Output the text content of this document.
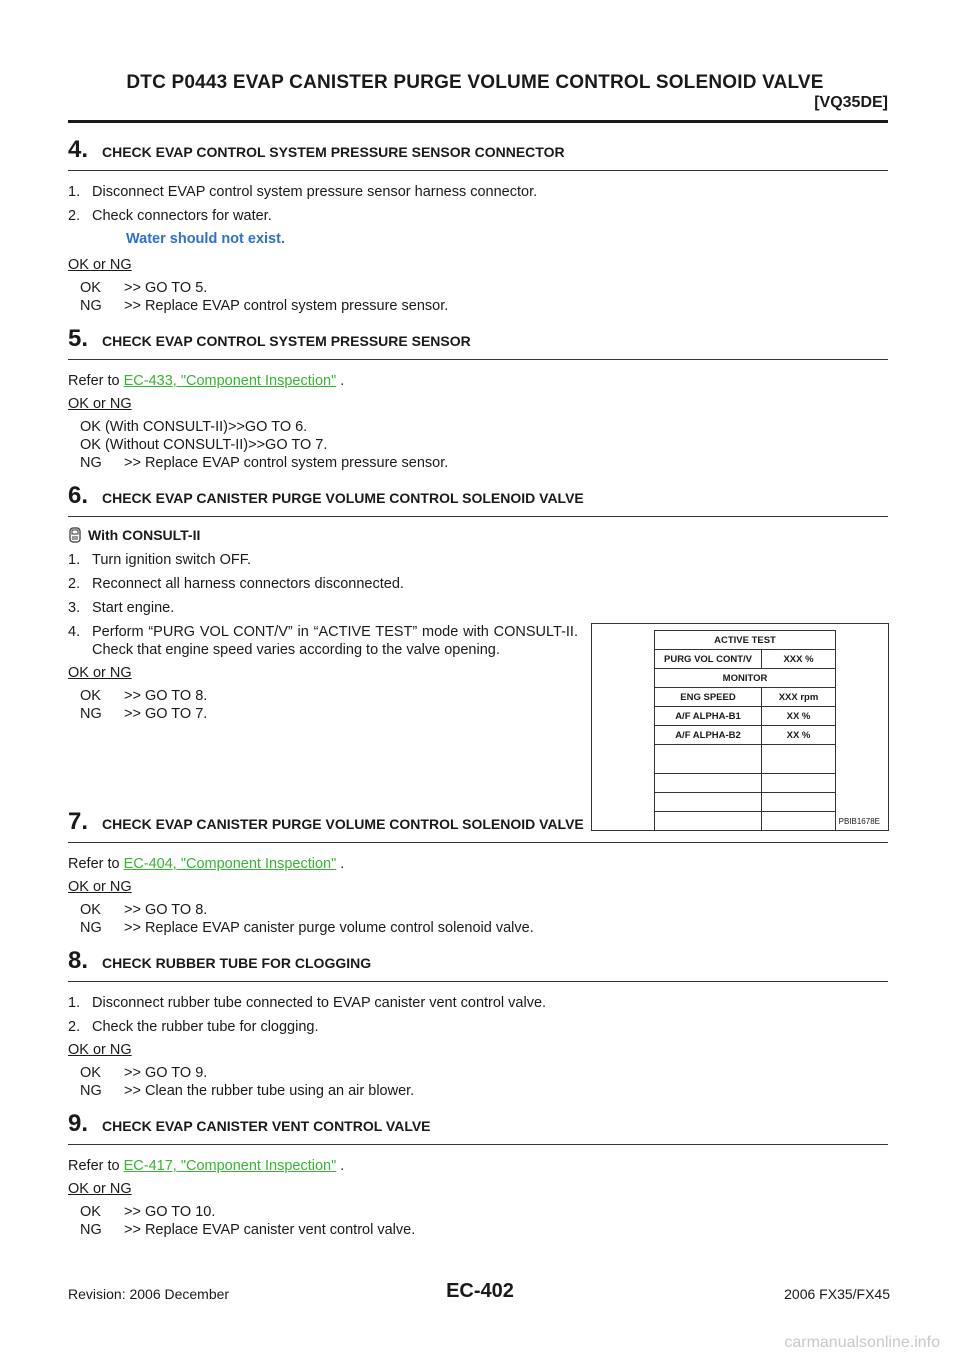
DTC P0443 EVAP CANISTER PURGE VOLUME CONTROL SOLENOID VALVE
[VQ35DE]
4. CHECK EVAP CONTROL SYSTEM PRESSURE SENSOR CONNECTOR
1. Disconnect EVAP control system pressure sensor harness connector.
2. Check connectors for water.
Water should not exist.
OK or NG
OK	>> GO TO 5.
NG	>> Replace EVAP control system pressure sensor.
5. CHECK EVAP CONTROL SYSTEM PRESSURE SENSOR
Refer to EC-433, "Component Inspection" .
OK or NG
OK (With CONSULT-II)>>GO TO 6.
OK (Without CONSULT-II)>>GO TO 7.
NG	>> Replace EVAP control system pressure sensor.
6. CHECK EVAP CANISTER PURGE VOLUME CONTROL SOLENOID VALVE
With CONSULT-II
1. Turn ignition switch OFF.
2. Reconnect all harness connectors disconnected.
3. Start engine.
4. Perform “PURG VOL CONT/V” in “ACTIVE TEST” mode with CONSULT-II. Check that engine speed varies according to the valve opening.
OK or NG
OK	>> GO TO 8.
NG	>> GO TO 7.
7. CHECK EVAP CANISTER PURGE VOLUME CONTROL SOLENOID VALVE
Refer to EC-404, "Component Inspection" .
OK or NG
OK	>> GO TO 8.
NG	>> Replace EVAP canister purge volume control solenoid valve.
8. CHECK RUBBER TUBE FOR CLOGGING
1. Disconnect rubber tube connected to EVAP canister vent control valve.
2. Check the rubber tube for clogging.
OK or NG
OK	>> GO TO 9.
NG	>> Clean the rubber tube using an air blower.
9. CHECK EVAP CANISTER VENT CONTROL VALVE
Refer to EC-417, "Component Inspection" .
OK or NG
OK	>> GO TO 10.
NG	>> Replace EVAP canister vent control valve.
ACTIVE TEST	
PURG VOL CONT/V	XXX %
MONITOR	
ENG SPEED	XXX rpm
A/F ALPHA-B1	XX %
A/F ALPHA-B2	XX %

PBIB1678E
Revision: 2006 December	EC-402	2006 FX35/FX45
carmanualsonline.info
